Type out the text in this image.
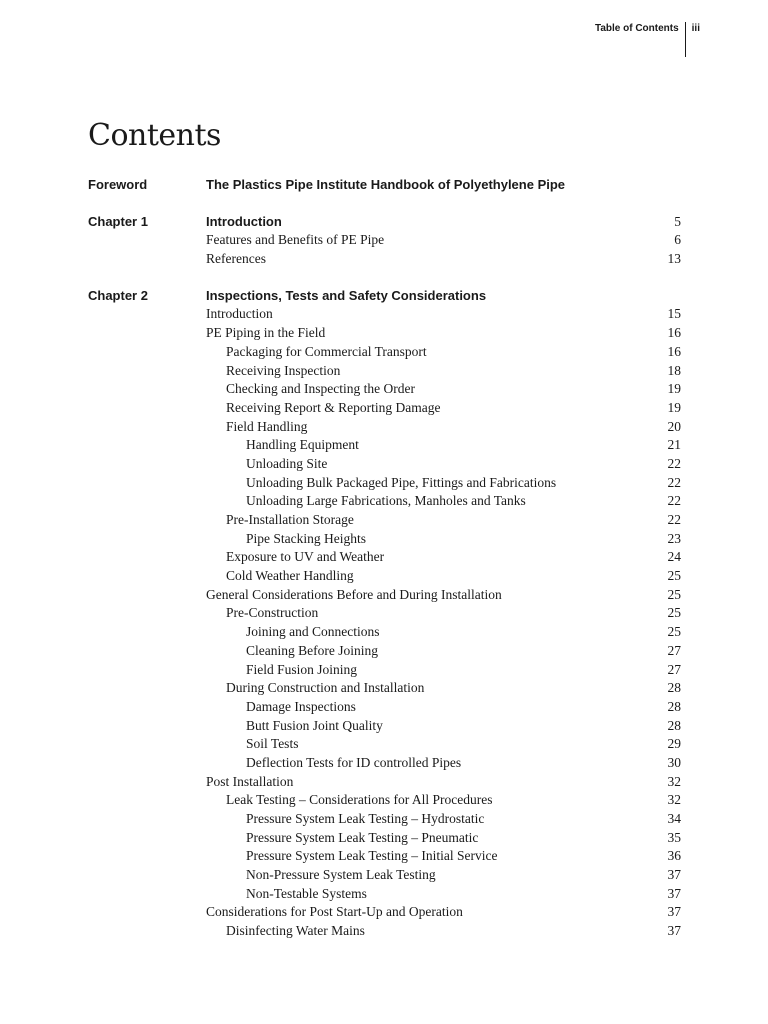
Table of Contents	iii
Contents
Foreword	The Plastics Pipe Institute Handbook of Polyethylene Pipe
Chapter 1	Introduction	5
Features and Benefits of PE Pipe	6
References	13
Chapter 2	Inspections, Tests and Safety Considerations
Introduction	15
PE Piping in the Field	16
Packaging for Commercial Transport	16
Receiving Inspection	18
Checking and Inspecting the Order	19
Receiving Report & Reporting Damage	19
Field Handling	20
Handling Equipment	21
Unloading Site	22
Unloading Bulk Packaged Pipe, Fittings and Fabrications	22
Unloading Large Fabrications, Manholes and Tanks	22
Pre-Installation Storage	22
Pipe Stacking Heights	23
Exposure to UV and Weather	24
Cold Weather Handling	25
General Considerations Before and During Installation	25
Pre-Construction	25
Joining and Connections	25
Cleaning Before Joining	27
Field Fusion Joining	27
During Construction and Installation	28
Damage Inspections	28
Butt Fusion Joint Quality	28
Soil Tests	29
Deflection Tests for ID controlled Pipes	30
Post Installation	32
Leak Testing – Considerations for All Procedures	32
Pressure System Leak Testing – Hydrostatic	34
Pressure System Leak Testing – Pneumatic	35
Pressure System Leak Testing – Initial Service	36
Non-Pressure System Leak Testing	37
Non-Testable Systems	37
Considerations for Post Start-Up and Operation	37
Disinfecting Water Mains	37
